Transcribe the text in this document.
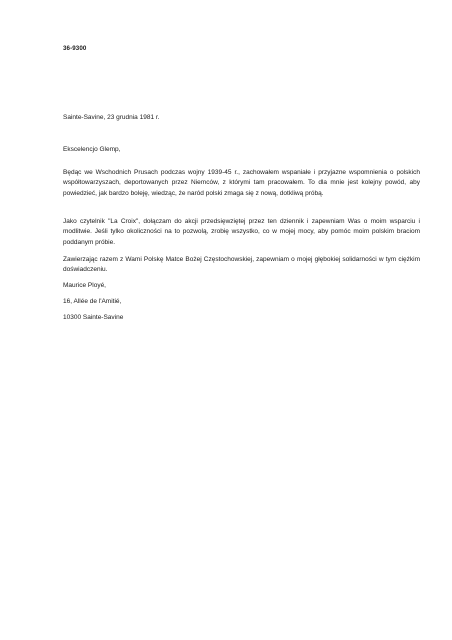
36-9300
Sainte-Savine, 23 grudnia 1981 r.
Ekscelencjo Glemp,

Będąc we Wschodnich Prusach podczas wojny 1939-45 r., zachowałem wspaniałe i przyjazne wspomnienia o polskich współtowarzyszach, deportowanych przez Niemców, z którymi tam pracowałem. To dla mnie jest kolejny powód, aby powiedzieć, jak bardzo boleję, wiedząc, że naród polski zmaga się z nową, dotkliwą próbą.

Jako czytelnik "La Croix", dołączam do akcji przedsięwziętej przez ten dziennik i zapewniam Was o moim wsparciu i modlitwie. Jeśli tylko okoliczności na to pozwolą, zrobię wszystko, co w mojej mocy, aby pomóc moim polskim braciom poddanym próbie.

Zawierzając razem z Wami Polskę Matce Bożej Częstochowskiej, zapewniam o mojej głębokiej solidarności w tym ciężkim doświadczeniu.

Maurice Ployé,
16, Allée de l'Amitié,
10300 Sainte-Savine
